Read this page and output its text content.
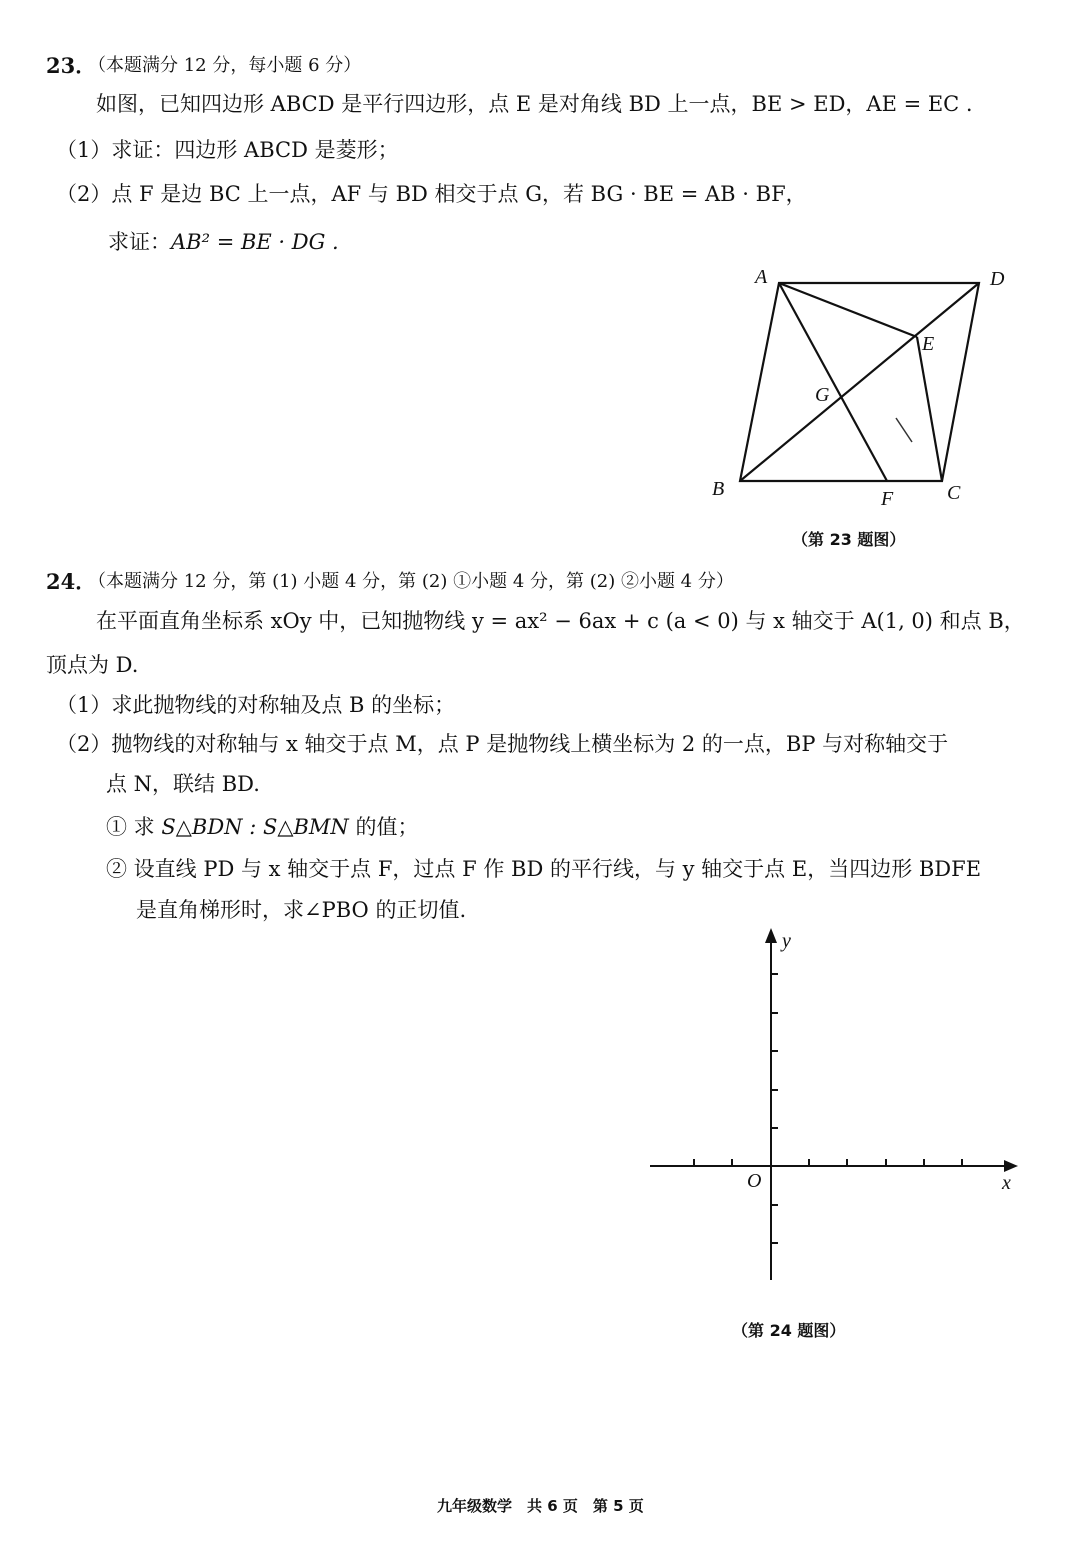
23．
（本题满分 12 分，每小题 6 分）
如图，已知四边形 ABCD 是平行四边形，点 E 是对角线 BD 上一点，BE > ED，AE = EC .
（1）求证：四边形 ABCD 是菱形；
（2）点 F 是边 BC 上一点，AF 与 BD 相交于点 G，若 BG · BE = AB · BF，
求证：AB² = BE · DG .
A	D
E
G
B	F	C
（第 23 题图）
24．
（本题满分 12 分，第 (1) 小题 4 分，第 (2) ①小题 4 分，第 (2) ②小题 4 分）
在平面直角坐标系 xOy 中，已知抛物线 y = ax² − 6ax + c (a < 0) 与 x 轴交于 A(1, 0) 和点 B，
顶点为 D.
（1）求此抛物线的对称轴及点 B 的坐标；
（2）抛物线的对称轴与 x 轴交于点 M，点 P 是抛物线上横坐标为 2 的一点，BP 与对称轴交于
点 N，联结 BD.
① 求 S△BDN : S△BMN 的值；
② 设直线 PD 与 x 轴交于点 F，过点 F 作 BD 的平行线，与 y 轴交于点 E，当四边形 BDFE
是直角梯形时，求∠PBO 的正切值.
y
x
O
（第 24 题图）
九年级数学　共 6 页　第 5 页
